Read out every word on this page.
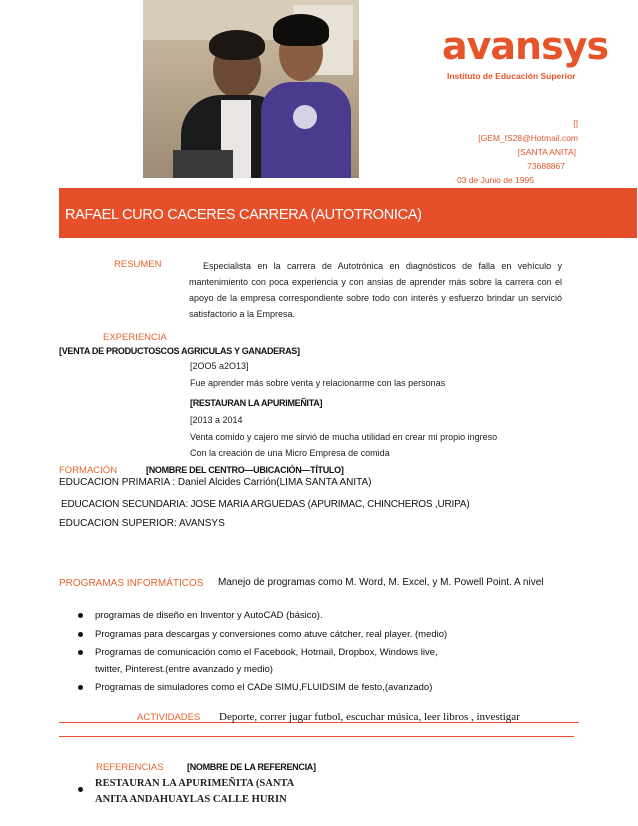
avansys
Instituto de Educación Superior
[]
[GEM_IS28@Hotmail.com
[SANTA ANITA]
73688867
03 de Junio de 1995
RAFAEL CURO CACERES CARRERA (AUTOTRONICA)
RESUMEN	Especialista en la carrera de Autotrónica en diagnósticos de falla en vehículo y mantenimiento con poca experiencia y con ansias de aprender más sobre la carrera con el apoyo de la empresa correspondiente sobre todo con interés y esfuerzo brindar un servició satisfactorio a la Empresa.
EXPERIENCIA
[VENTA DE PRODUCTOSCOS AGRICULAS Y GANADERAS]
[2OO5 a2O13]
Fue aprender más sobre venta y relacionarme con las personas
[RESTAURAN LA APURIMEÑITA]
[2013 a 2014
Venta comido y cajero me sirvió de mucha utilidad en crear mi propio ingreso
Con la creación de una Micro Empresa de comida
FORMACIÓN	[NOMBRE DEL CENTRO—UBICACIÓN—TÍTULO]
EDUCACION PRIMARIA : Daniel Alcides Carrión(LIMA SANTA ANITA)
EDUCACION SECUNDARIA: JOSE MARIA ARGUEDAS (APURIMAC, CHINCHEROS ,URIPA)
EDUCACION SUPERIOR: AVANSYS
PROGRAMAS INFORMÁTICOS Manejo de programas como M. Word, M. Excel, y M. Powell Point. A nivel
programas de diseño en Inventor y AutoCAD (básico).
Programas para descargas y conversiones como atuve cátcher, real player. (medio)
Programas de comunicación como el Facebook, Hotmail, Dropbox, Windows live,
twitter, Pinterest.(entre avanzado y medio)
Programas de simuladores como el CADe SIMU,FLUIDSIM de festo,(avanzado)
ACTIVIDADES Deporte, correr jugar futbol, escuchar música, leer libros , investigar
REFERENCIAS	[NOMBRE DE LA REFERENCIA]
RESTAURAN LA APURIMEÑITA (SANTA
ANITA ANDAHUAYLAS CALLE HURIN
